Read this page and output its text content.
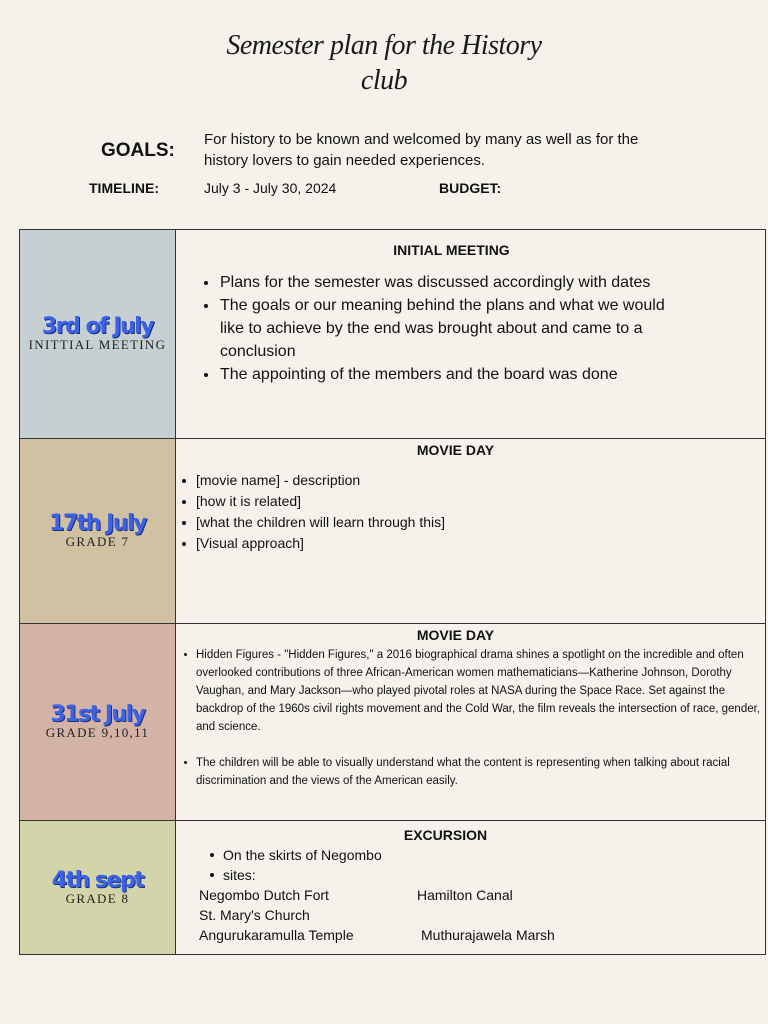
Semester plan for the History
club
GOALS:
For history to be known and welcomed by many as well as for the history lovers to gain needed experiences.
TIMELINE:	July 3 - July 30, 2024	BUDGET:
3rd of July
INITTIAL MEETING
INITIAL MEETING
Plans for the semester was discussed accordingly with dates
The goals or our meaning behind the plans and what we would like to achieve by the end was brought about and came to a conclusion
The appointing of the members and the board was done
17th July
GRADE 7
MOVIE DAY
[movie name] - description
[how it is related]
[what the children will learn through this]
[Visual approach]
31st July
GRADE 9,10,11
MOVIE DAY
Hidden Figures - "Hidden Figures," a 2016 biographical drama shines a spotlight on the incredible and often overlooked contributions of three African-American women mathematicians—Katherine Johnson, Dorothy Vaughan, and Mary Jackson—who played pivotal roles at NASA during the Space Race. Set against the backdrop of the 1960s civil rights movement and the Cold War, the film reveals the intersection of race, gender, and science.
The children will be able to visually understand what the content is representing when talking about racial discrimination and the views of the American easily.
4th sept
GRADE 8
EXCURSION
On the skirts of Negombo
sites:
Negombo Dutch Fort	Hamilton Canal
St. Mary's Church
Angurukaramulla Temple	Muthurajawela Marsh
